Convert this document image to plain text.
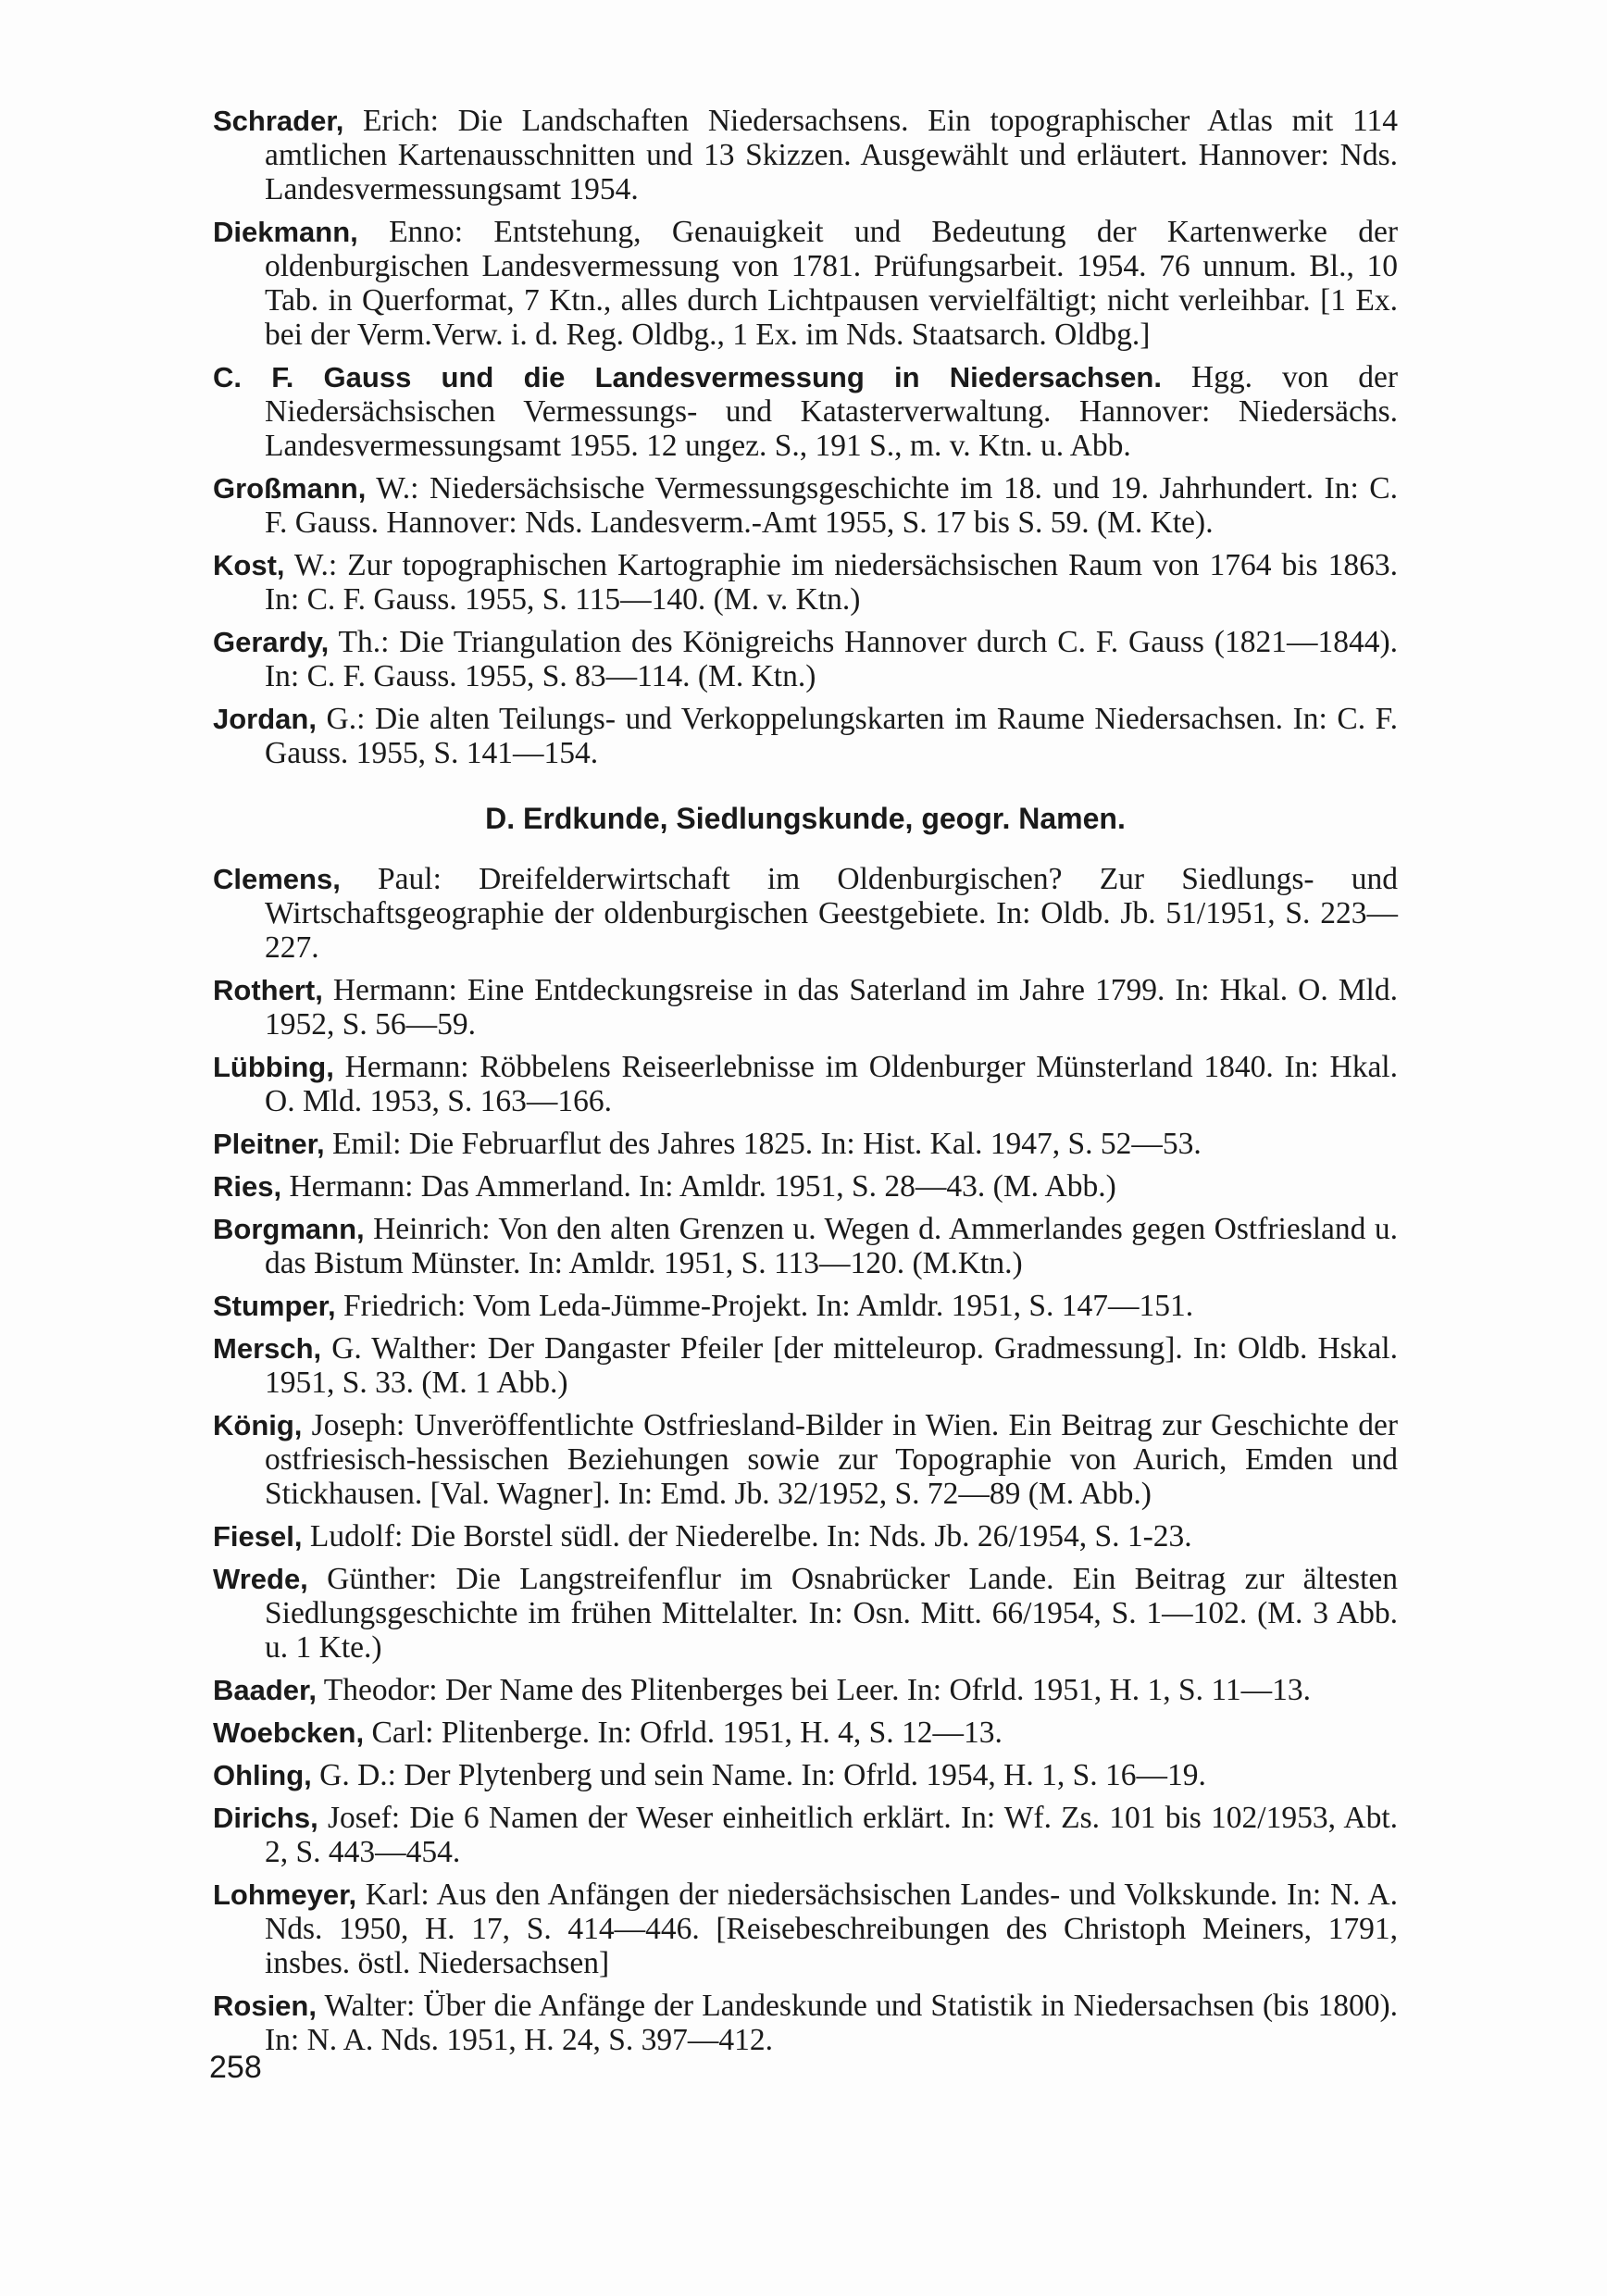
Schrader, Erich: Die Landschaften Niedersachsens. Ein topographischer Atlas mit 114 amtlichen Kartenausschnitten und 13 Skizzen. Ausgewählt und erläutert. Hannover: Nds. Landesvermessungsamt 1954.
Diekmann, Enno: Entstehung, Genauigkeit und Bedeutung der Kartenwerke der oldenburgischen Landesvermessung von 1781. Prüfungsarbeit. 1954. 76 unnum. Bl., 10 Tab. in Querformat, 7 Ktn., alles durch Lichtpausen vervielfältigt; nicht verleihbar. [1 Ex. bei der Verm.Verw. i. d. Reg. Oldbg., 1 Ex. im Nds. Staatsarch. Oldbg.]
C. F. Gauss und die Landesvermessung in Niedersachsen. Hgg. von der Niedersächsischen Vermessungs- und Katasterverwaltung. Hannover: Niedersächs. Landesvermessungsamt 1955. 12 ungez. S., 191 S., m. v. Ktn. u. Abb.
Großmann, W.: Niedersächsische Vermessungsgeschichte im 18. und 19. Jahrhundert. In: C. F. Gauss. Hannover: Nds. Landesverm.-Amt 1955, S. 17 bis S. 59. (M. Kte).
Kost, W.: Zur topographischen Kartographie im niedersächsischen Raum von 1764 bis 1863. In: C. F. Gauss. 1955, S. 115—140. (M. v. Ktn.)
Gerardy, Th.: Die Triangulation des Königreichs Hannover durch C. F. Gauss (1821—1844). In: C. F. Gauss. 1955, S. 83—114. (M. Ktn.)
Jordan, G.: Die alten Teilungs- und Verkoppelungskarten im Raume Niedersachsen. In: C. F. Gauss. 1955, S. 141—154.
D. Erdkunde, Siedlungskunde, geogr. Namen.
Clemens, Paul: Dreifelderwirtschaft im Oldenburgischen? Zur Siedlungs- und Wirtschaftsgeographie der oldenburgischen Geestgebiete. In: Oldb. Jb. 51/1951, S. 223—227.
Rothert, Hermann: Eine Entdeckungsreise in das Saterland im Jahre 1799. In: Hkal. O. Mld. 1952, S. 56—59.
Lübbing, Hermann: Röbbelens Reiseerlebnisse im Oldenburger Münsterland 1840. In: Hkal. O. Mld. 1953, S. 163—166.
Pleitner, Emil: Die Februarflut des Jahres 1825. In: Hist. Kal. 1947, S. 52—53.
Ries, Hermann: Das Ammerland. In: Amldr. 1951, S. 28—43. (M. Abb.)
Borgmann, Heinrich: Von den alten Grenzen u. Wegen d. Ammerlandes gegen Ostfriesland u. das Bistum Münster. In: Amldr. 1951, S. 113—120. (M.Ktn.)
Stumper, Friedrich: Vom Leda-Jümme-Projekt. In: Amldr. 1951, S. 147—151.
Mersch, G. Walther: Der Dangaster Pfeiler [der mitteleurop. Gradmessung]. In: Oldb. Hskal. 1951, S. 33. (M. 1 Abb.)
König, Joseph: Unveröffentlichte Ostfriesland-Bilder in Wien. Ein Beitrag zur Geschichte der ostfriesisch-hessischen Beziehungen sowie zur Topographie von Aurich, Emden und Stickhausen. [Val. Wagner]. In: Emd. Jb. 32/1952, S. 72—89 (M. Abb.)
Fiesel, Ludolf: Die Borstel südl. der Niederelbe. In: Nds. Jb. 26/1954, S. 1-23.
Wrede, Günther: Die Langstreifenflur im Osnabrücker Lande. Ein Beitrag zur ältesten Siedlungsgeschichte im frühen Mittelalter. In: Osn. Mitt. 66/1954, S. 1—102. (M. 3 Abb. u. 1 Kte.)
Baader, Theodor: Der Name des Plitenberges bei Leer. In: Ofrld. 1951, H. 1, S. 11—13.
Woebcken, Carl: Plitenberge. In: Ofrld. 1951, H. 4, S. 12—13.
Ohling, G. D.: Der Plytenberg und sein Name. In: Ofrld. 1954, H. 1, S. 16—19.
Dirichs, Josef: Die 6 Namen der Weser einheitlich erklärt. In: Wf. Zs. 101 bis 102/1953, Abt. 2, S. 443—454.
Lohmeyer, Karl: Aus den Anfängen der niedersächsischen Landes- und Volkskunde. In: N. A. Nds. 1950, H. 17, S. 414—446. [Reisebeschreibungen des Christoph Meiners, 1791, insbes. östl. Niedersachsen]
Rosien, Walter: Über die Anfänge der Landeskunde und Statistik in Niedersachsen (bis 1800). In: N. A. Nds. 1951, H. 24, S. 397—412.
258
